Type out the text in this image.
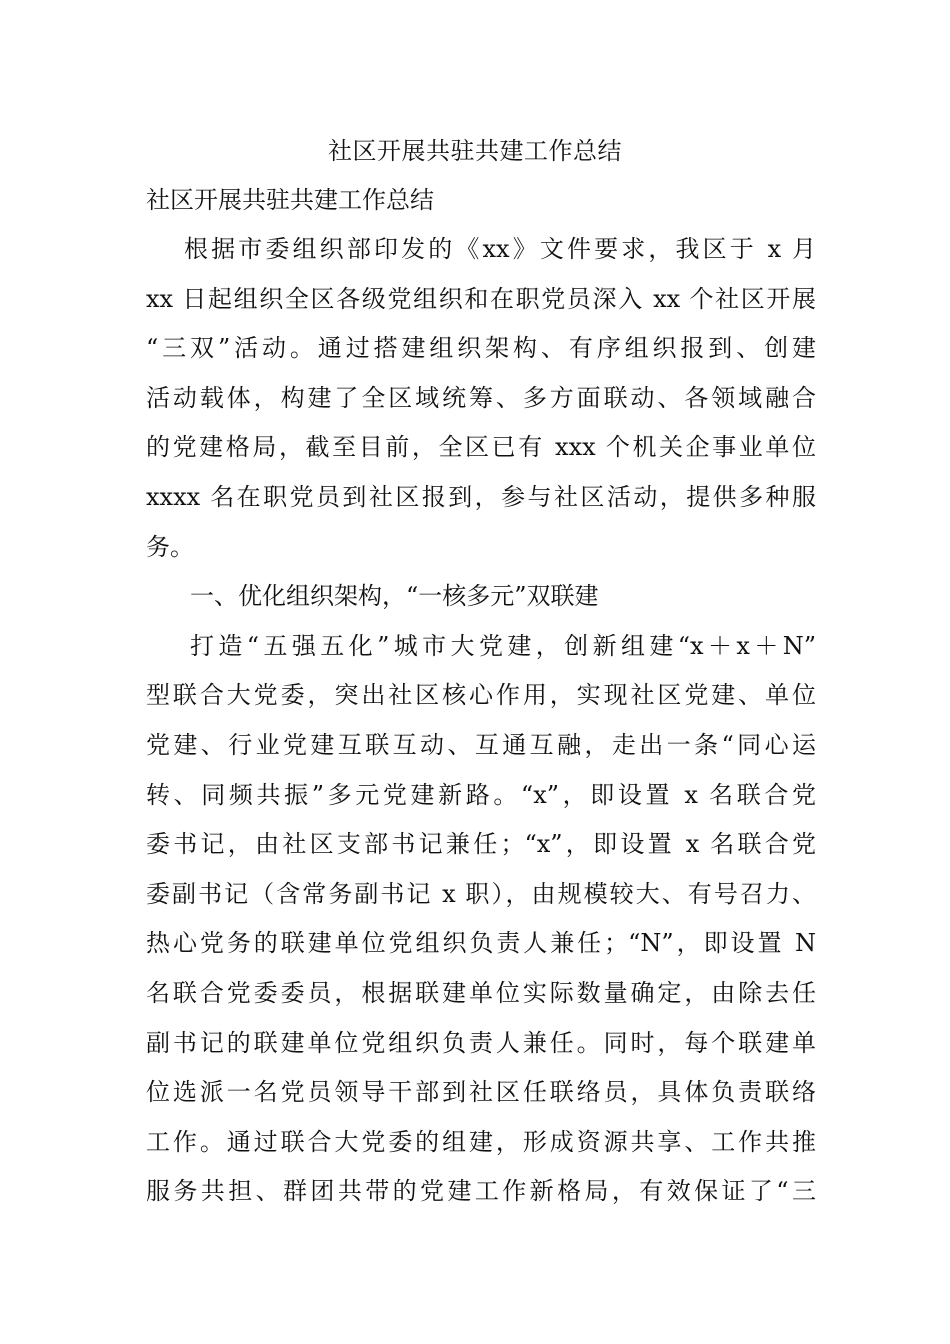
社区开展共驻共建工作总结
社区开展共驻共建工作总结
根据市委组织部印发的《xx》文件要求，我区于 x 月
xx 日起组织全区各级党组织和在职党员深入 xx 个社区开展
“三双”活动。通过搭建组织架构、有序组织报到、创建
活动载体，构建了全区域统筹、多方面联动、各领域融合
的党建格局，截至目前，全区已有 xxx 个机关企事业单位
xxxx 名在职党员到社区报到，参与社区活动，提供多种服
务。
一、优化组织架构，“一核多元”双联建
打造“五强五化”城市大党建，创新组建“x＋x＋N”
型联合大党委，突出社区核心作用，实现社区党建、单位
党建、行业党建互联互动、互通互融，走出一条“同心运
转、同频共振”多元党建新路。“x”，即设置 x 名联合党
委书记，由社区支部书记兼任；“x”，即设置 x 名联合党
委副书记（含常务副书记 x 职），由规模较大、有号召力、
热心党务的联建单位党组织负责人兼任；“N”，即设置 N
名联合党委委员，根据联建单位实际数量确定，由除去任
副书记的联建单位党组织负责人兼任。同时，每个联建单
位选派一名党员领导干部到社区任联络员，具体负责联络
工作。通过联合大党委的组建，形成资源共享、工作共推
服务共担、群团共带的党建工作新格局，有效保证了“三
